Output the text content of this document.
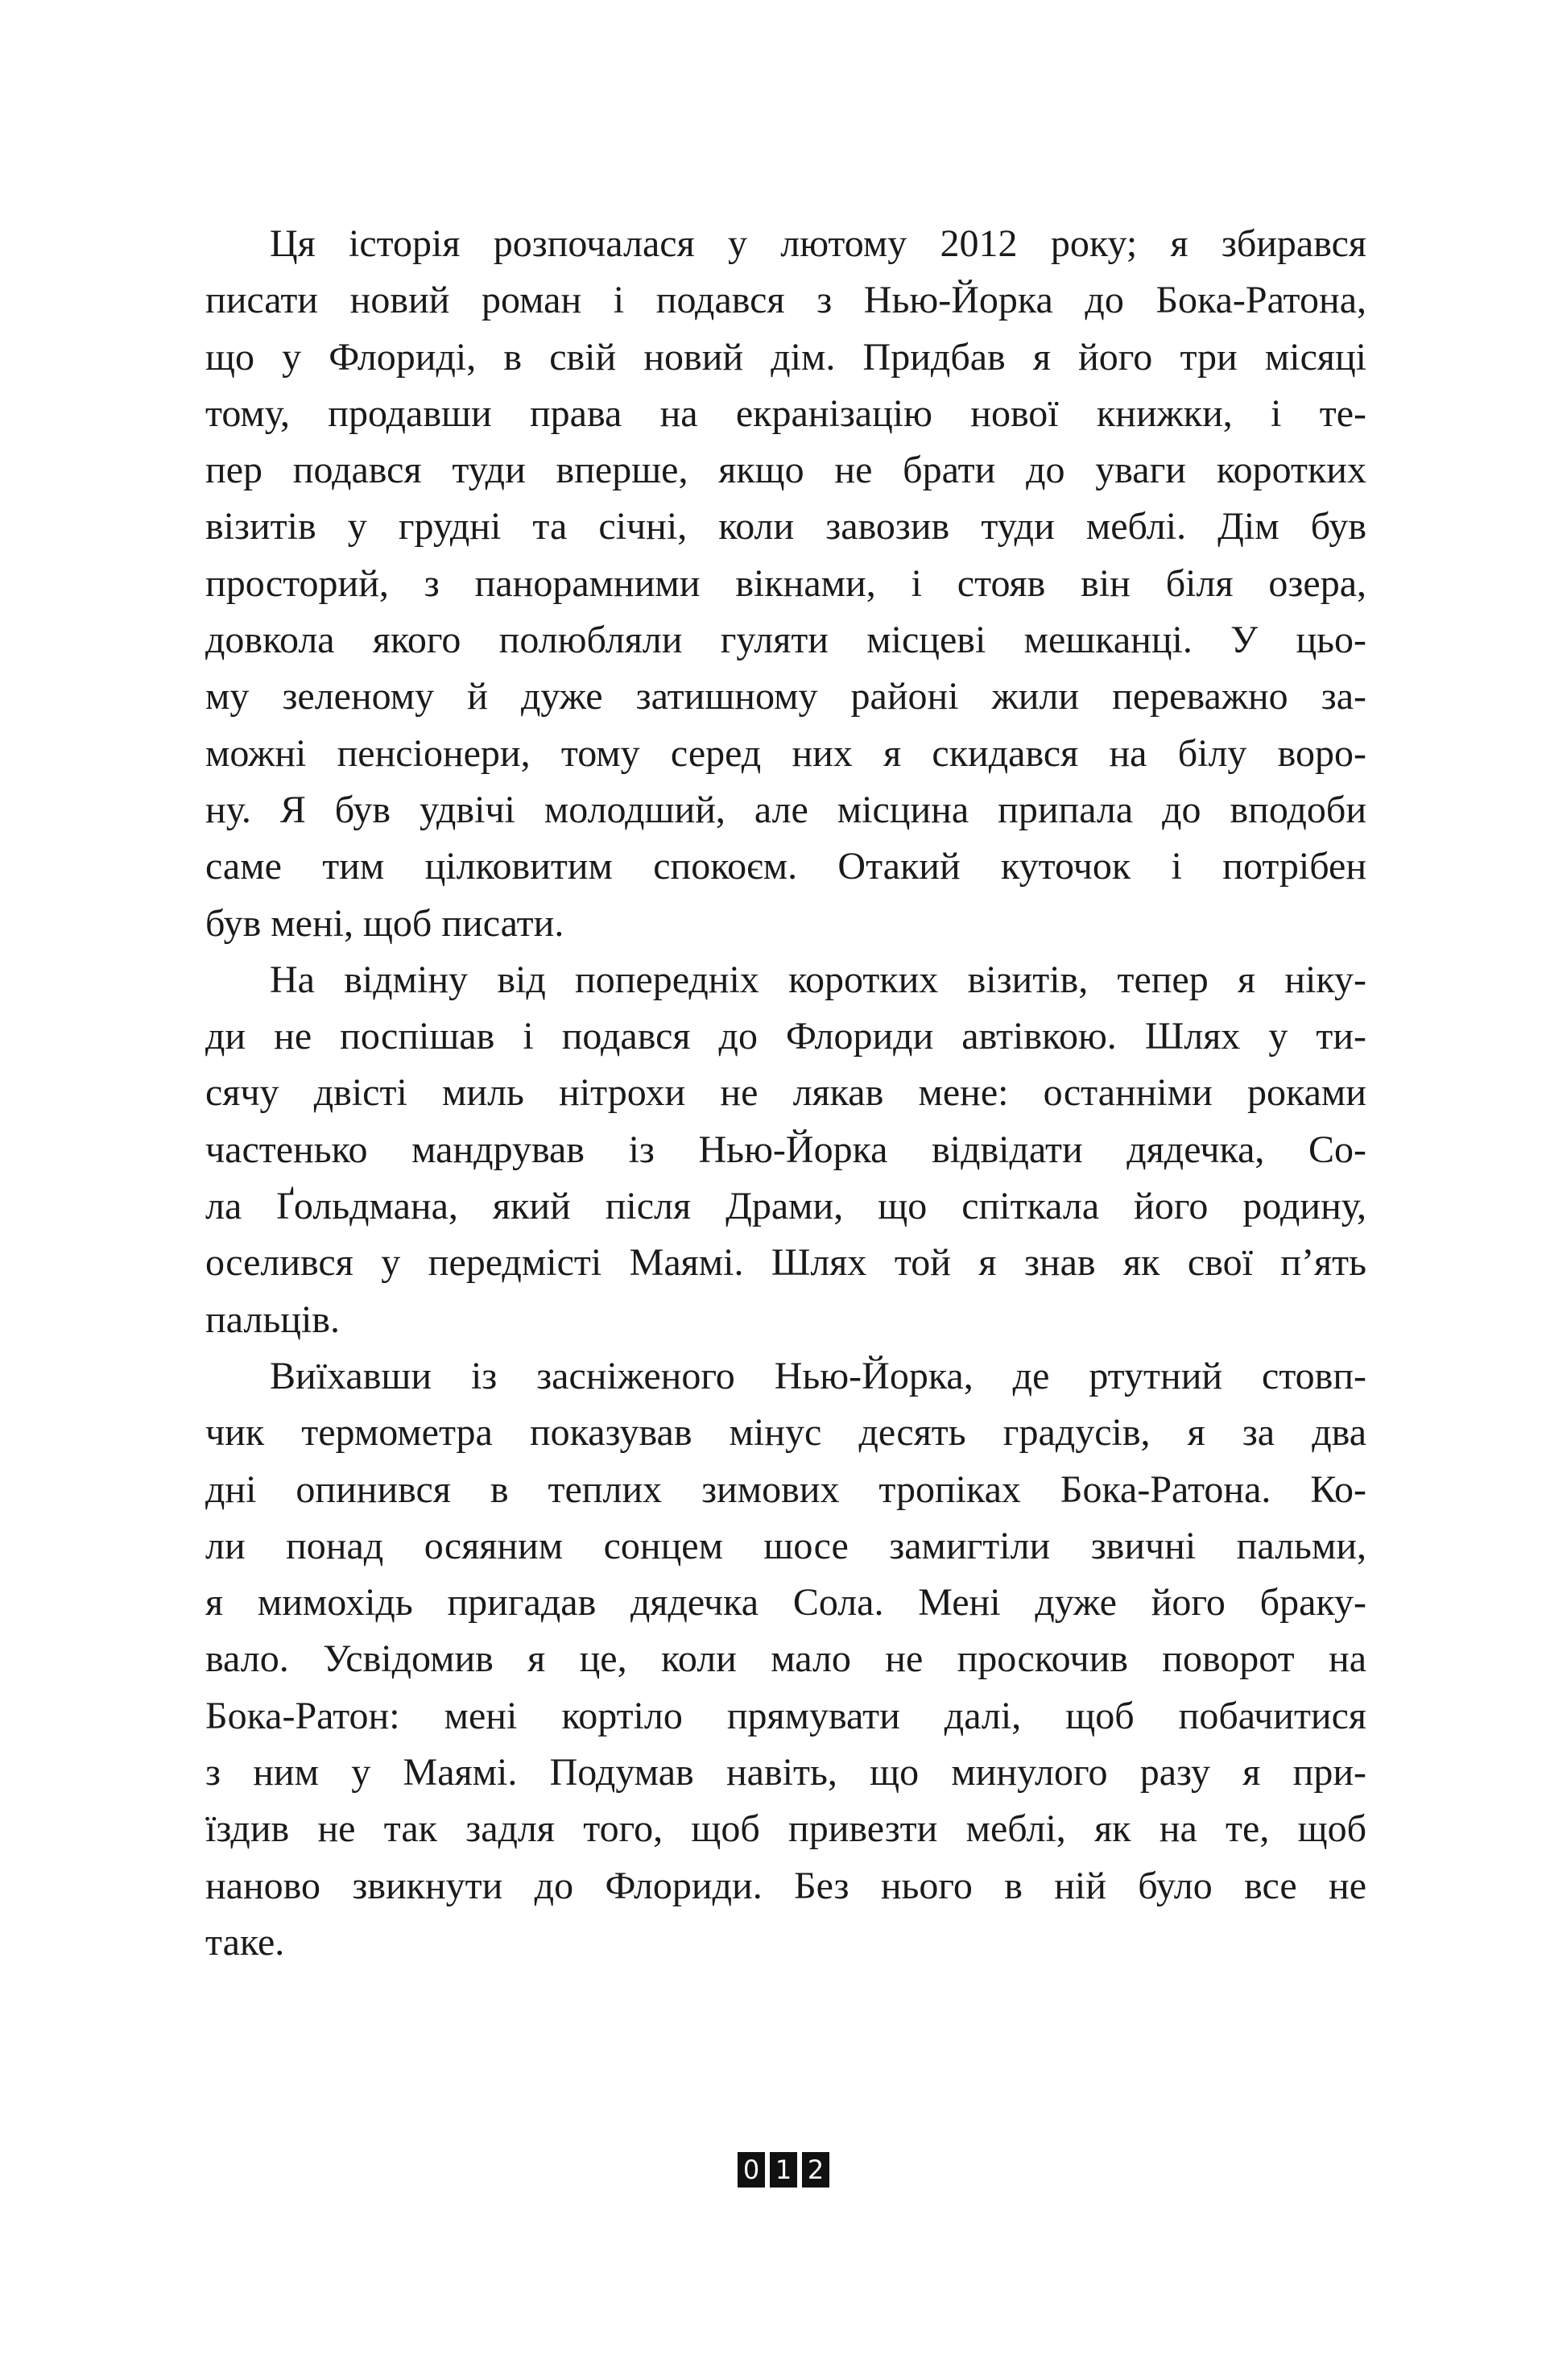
Ця історія розпочалася у лютому 2012 року; я збирався
писати новий роман і подався з Нью-Йорка до Бока-Ратона,
що у Флориді, в свій новий дім. Придбав я його три місяці
тому, продавши права на екранізацію нової книжки, і те-
пер подався туди вперше, якщо не брати до уваги коротких
візитів у грудні та січні, коли завозив туди меблі. Дім був
просторий, з панорамними вікнами, і стояв він біля озера,
довкола якого полюбляли гуляти місцеві мешканці. У цьо-
му зеленому й дуже затишному районі жили переважно за-
можні пенсіонери, тому серед них я скидався на білу воро-
ну. Я був удвічі молодший, але місцина припала до вподоби
саме тим цілковитим спокоєм. Отакий куточок і потрібен
був мені, щоб писати.
На відміну від попередніх коротких візитів, тепер я ніку-
ди не поспішав і подався до Флориди автівкою. Шлях у ти-
сячу двісті миль нітрохи не лякав мене: останніми роками
частенько мандрував із Нью-Йорка відвідати дядечка, Со-
ла Ґольдмана, який після Драми, що спіткала його родину,
оселився у передмісті Маямі. Шлях той я знав як свої п’ять
пальців.
Виїхавши із засніженого Нью-Йорка, де ртутний стовп-
чик термометра показував мінус десять градусів, я за два
дні опинився в теплих зимових тропіках Бока-Ратона. Ко-
ли понад осяяним сонцем шосе замигтіли звичні пальми,
я мимохідь пригадав дядечка Сола. Мені дуже його браку-
вало. Усвідомив я це, коли мало не проскочив поворот на
Бока-Ратон: мені кортіло прямувати далі, щоб побачитися
з ним у Маямі. Подумав навіть, що минулого разу я при-
їздив не так задля того, щоб привезти меблі, як на те, щоб
наново звикнути до Флориди. Без нього в ній було все не
таке.
0 1 2
